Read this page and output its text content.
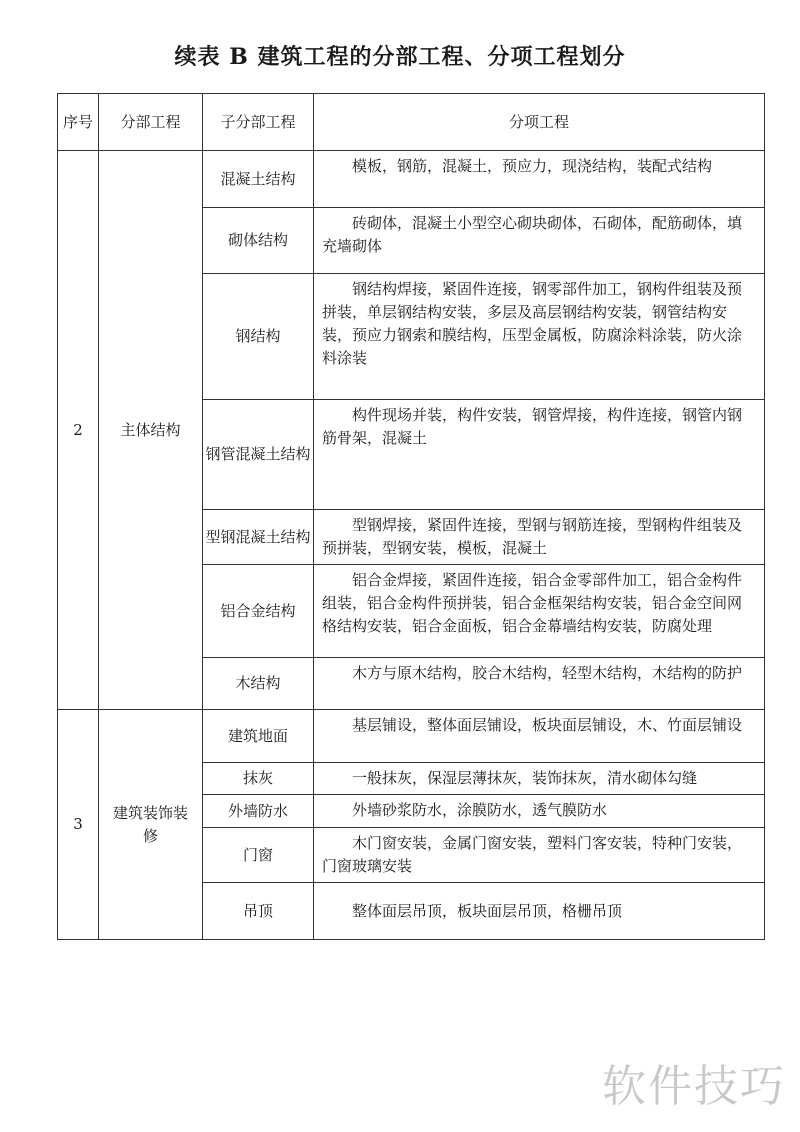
续表 B 建筑工程的分部工程、分项工程划分
序号	分部工程	子分部工程	分项工程
2	主体结构	混凝土结构	模板，钢筋，混凝土，预应力，现浇结构，装配式结构
		砌体结构	砖砌体，混凝土小型空心砌块砌体，石砌体，配筋砌体，填充墙砌体
		钢结构	钢结构焊接，紧固件连接，钢零部件加工，钢构件组装及预拼装，单层钢结构安装，多层及高层钢结构安装，钢管结构安装，预应力钢索和膜结构，压型金属板，防腐涂料涂装，防火涂料涂装
		钢管混凝土结构	构件现场并装，构件安装，钢管焊接，构件连接，钢管内钢筋骨架，混凝土
		型钢混凝土结构	型钢焊接，紧固件连接，型钢与钢筋连接，型钢构件组装及预拼装，型钢安装，模板，混凝土
		铝合金结构	铝合金焊接，紧固件连接，铝合金零部件加工，铝合金构件组装，铝合金构件预拼装，铝合金框架结构安装，铝合金空间网格结构安装，铝合金面板，铝合金幕墙结构安装，防腐处理
		木结构	木方与原木结构，胶合木结构，轻型木结构，木结构的防护
3	建筑装饰装修	建筑地面	基层铺设，整体面层铺设，板块面层铺设，木、竹面层铺设
		抹灰	一般抹灰，保湿层薄抹灰，装饰抹灰，清水砌体勾缝
		外墙防水	外墙砂浆防水，涂膜防水，透气膜防水
		门窗	木门窗安装，金属门窗安装，塑料门客安装，特种门安装，门窗玻璃安装
		吊顶	整体面层吊顶，板块面层吊顶，格栅吊顶
软件技巧
